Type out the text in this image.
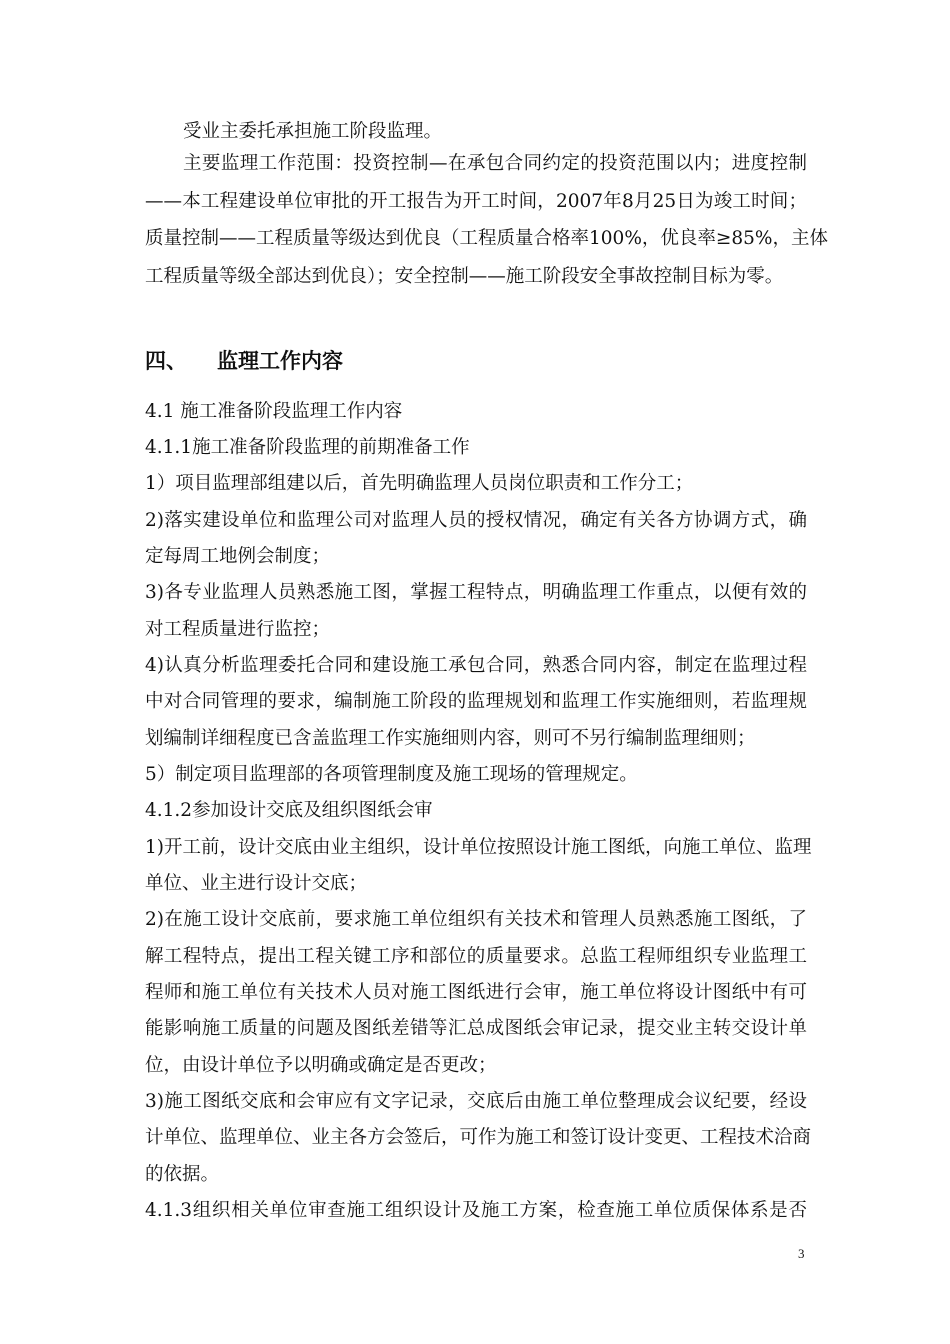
受业主委托承担施工阶段监理。
主要监理工作范围：投资控制—在承包合同约定的投资范围以内；进度控制
——本工程建设单位审批的开工报告为开工时间，2007年8月25日为竣工时间；
质量控制——工程质量等级达到优良（工程质量合格率100%，优良率≥85%，主体
工程质量等级全部达到优良）；安全控制——施工阶段安全事故控制目标为零。
四、 监理工作内容
4.1 施工准备阶段监理工作内容
4.1.1施工准备阶段监理的前期准备工作
1）项目监理部组建以后，首先明确监理人员岗位职责和工作分工；
2)落实建设单位和监理公司对监理人员的授权情况，确定有关各方协调方式，确
定每周工地例会制度；
3)各专业监理人员熟悉施工图，掌握工程特点，明确监理工作重点，以便有效的
对工程质量进行监控；
4)认真分析监理委托合同和建设施工承包合同，熟悉合同内容，制定在监理过程
中对合同管理的要求，编制施工阶段的监理规划和监理工作实施细则，若监理规
划编制详细程度已含盖监理工作实施细则内容，则可不另行编制监理细则；
5）制定项目监理部的各项管理制度及施工现场的管理规定。
4.1.2参加设计交底及组织图纸会审
1)开工前，设计交底由业主组织，设计单位按照设计施工图纸，向施工单位、监理
单位、业主进行设计交底；
2)在施工设计交底前，要求施工单位组织有关技术和管理人员熟悉施工图纸，了
解工程特点，提出工程关键工序和部位的质量要求。总监工程师组织专业监理工
程师和施工单位有关技术人员对施工图纸进行会审，施工单位将设计图纸中有可
能影响施工质量的问题及图纸差错等汇总成图纸会审记录，提交业主转交设计单
位，由设计单位予以明确或确定是否更改；
3)施工图纸交底和会审应有文字记录，交底后由施工单位整理成会议纪要，经设
计单位、监理单位、业主各方会签后，可作为施工和签订设计变更、工程技术洽商
的依据。
4.1.3组织相关单位审查施工组织设计及施工方案，检查施工单位质保体系是否
3
